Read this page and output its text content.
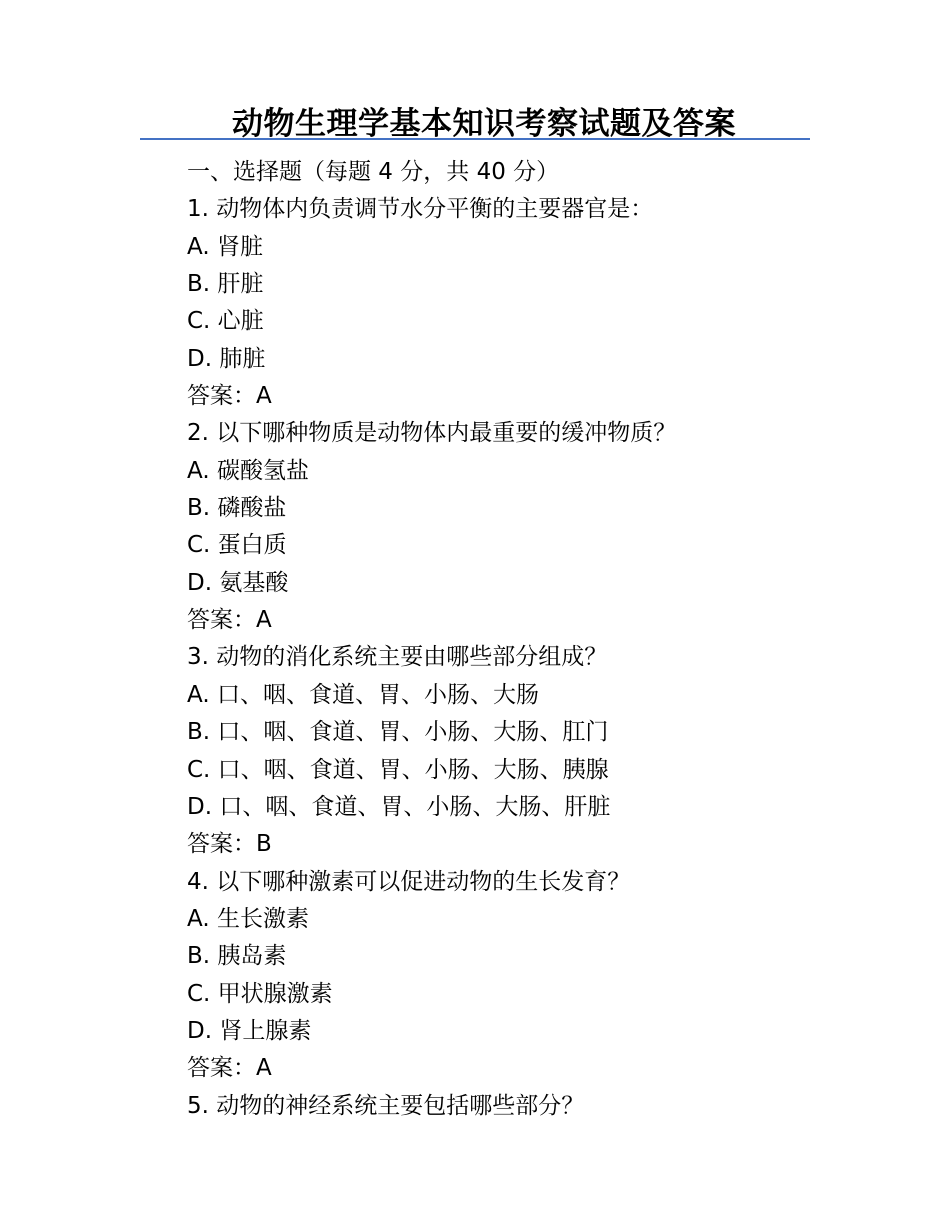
动物生理学基本知识考察试题及答案
一、选择题（每题 4 分，共 40 分）
1. 动物体内负责调节水分平衡的主要器官是：
A. 肾脏
B. 肝脏
C. 心脏
D. 肺脏
答案：A
2. 以下哪种物质是动物体内最重要的缓冲物质？
A. 碳酸氢盐
B. 磷酸盐
C. 蛋白质
D. 氨基酸
答案：A
3. 动物的消化系统主要由哪些部分组成？
A. 口、咽、食道、胃、小肠、大肠
B. 口、咽、食道、胃、小肠、大肠、肛门
C. 口、咽、食道、胃、小肠、大肠、胰腺
D. 口、咽、食道、胃、小肠、大肠、肝脏
答案：B
4. 以下哪种激素可以促进动物的生长发育？
A. 生长激素
B. 胰岛素
C. 甲状腺激素
D. 肾上腺素
答案：A
5. 动物的神经系统主要包括哪些部分？
